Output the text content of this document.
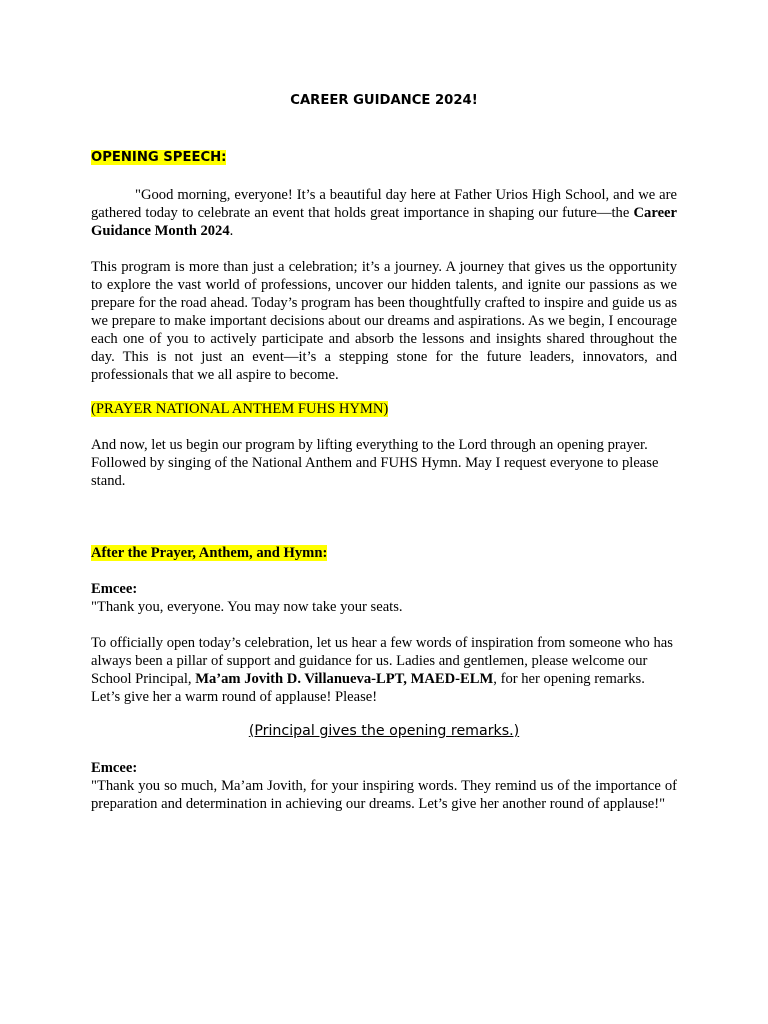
CAREER GUIDANCE 2024!

OPENING SPEECH:

"Good morning, everyone! It’s a beautiful day here at Father Urios High School, and we are gathered today to celebrate an event that holds great importance in shaping our future—the Career Guidance Month 2024.

This program is more than just a celebration; it’s a journey. A journey that gives us the opportunity to explore the vast world of professions, uncover our hidden talents, and ignite our passions as we prepare for the road ahead. Today’s program has been thoughtfully crafted to inspire and guide us as we prepare to make important decisions about our dreams and aspirations. As we begin, I encourage each one of you to actively participate and absorb the lessons and insights shared throughout the day. This is not just an event—it’s a stepping stone for the future leaders, innovators, and professionals that we all aspire to become.

(PRAYER NATIONAL ANTHEM FUHS HYMN)

And now, let us begin our program by lifting everything to the Lord through an opening prayer. Followed by singing of the National Anthem and FUHS Hymn. May I request everyone to please stand.

After the Prayer, Anthem, and Hymn:

Emcee:

"Thank you, everyone. You may now take your seats.

To officially open today’s celebration, let us hear a few words of inspiration from someone who has always been a pillar of support and guidance for us. Ladies and gentlemen, please welcome our School Principal, Ma’am Jovith D. Villanueva-LPT, MAED-ELM, for her opening remarks. Let’s give her a warm round of applause! Please!

(Principal gives the opening remarks.)

Emcee:

"Thank you so much, Ma’am Jovith, for your inspiring words. They remind us of the importance of preparation and determination in achieving our dreams. Let’s give her another round of applause!"
